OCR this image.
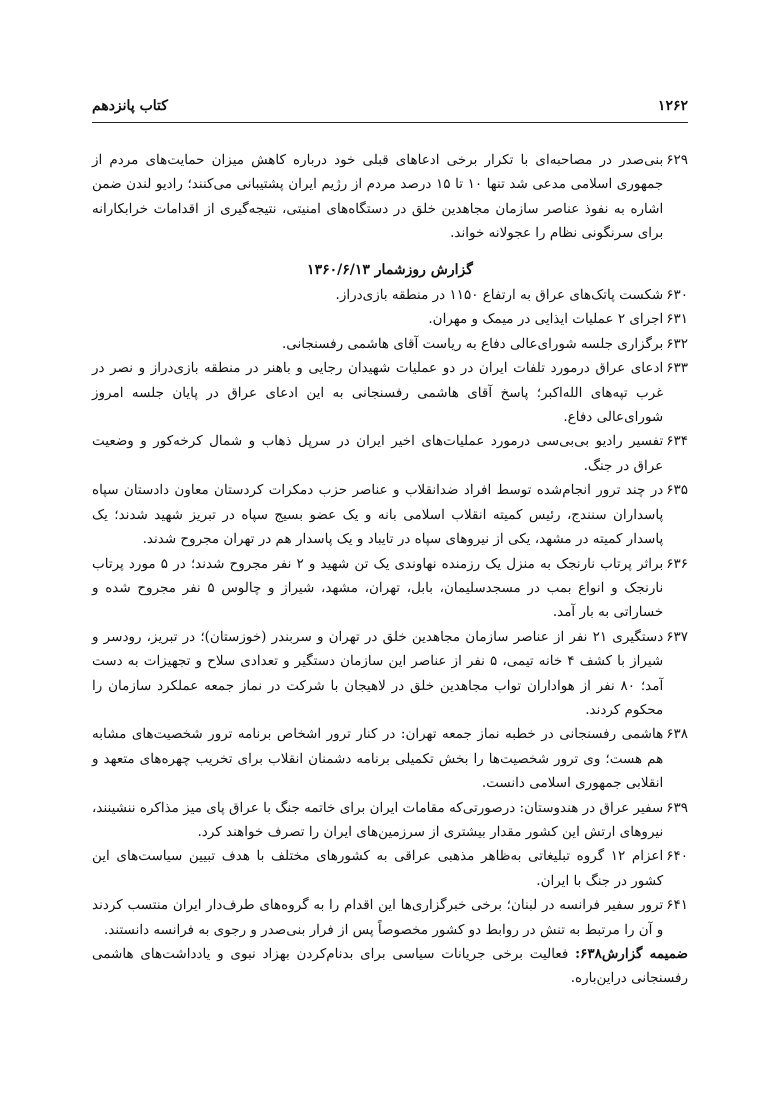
۱۲۶۲
کتاب پانزدهم
۶۲۹
بنی‌صدر در مصاحبه‌ای با تکرار برخی ادعاهای قبلی خود درباره کاهش میزان حمایت‌های مردم از جمهوری اسلامی مدعی شد تنها ۱۰ تا ۱۵ درصد مردم از رژیم ایران پشتیبانی می‌کنند؛ رادیو لندن ضمن اشاره به نفوذ عناصر سازمان مجاهدین خلق در دستگاه‌های امنیتی، نتیجه‌گیری از اقدامات خرابکارانه برای سرنگونی نظام را عجولانه خواند.
گزارش روزشمار ۱۳۶۰/۶/۱۳
۶۳۰
شکست پاتک‌های عراق به ارتفاع ۱۱۵۰ در منطقه بازی‌دراز.
۶۳۱
اجرای ۲ عملیات ایذایی در میمک و مهران.
۶۳۲
برگزاری جلسه شورای‌عالی دفاع به ریاست آقای هاشمی رفسنجانی.
۶۳۳
ادعای عراق درمورد تلفات ایران در دو عملیات شهیدان رجایی و باهنر در منطقه بازی‌دراز و نصر در غرب تپه‌های الله‌اکبر؛ پاسخ آقای هاشمی رفسنجانی به این ادعای عراق در پایان جلسه امروز شورای‌عالی دفاع.
۶۳۴
تفسیر رادیو بی‌بی‌سی درمورد عملیات‌های اخیر ایران در سرپل ذهاب و شمال کرخه‌کور و وضعیت عراق در جنگ.
۶۳۵
در چند ترور انجام‌شده توسط افراد ضدانقلاب و عناصر حزب دمکرات کردستان معاون دادستان سپاه پاسداران سنندج، رئیس کمیته انقلاب اسلامی بانه و یک عضو بسیج سپاه در تبریز شهید شدند؛ یک پاسدار کمیته در مشهد، یکی از نیروهای سپاه در تایباد و یک پاسدار هم در تهران مجروح شدند.
۶۳۶
براثر پرتاب نارنجک به منزل یک رزمنده نهاوندی یک تن شهید و ۲ نفر مجروح شدند؛ در ۵ مورد پرتاب نارنجک و انواع بمب در مسجدسلیمان، بابل، تهران، مشهد، شیراز و چالوس ۵ نفر مجروح شده و خساراتی به بار آمد.
۶۳۷
دستگیری ۲۱ نفر از عناصر سازمان مجاهدین خلق در تهران و سربندر (خوزستان)؛ در تبریز، رودسر و شیراز با کشف ۴ خانه تیمی، ۵ نفر از عناصر این سازمان دستگیر و تعدادی سلاح و تجهیزات به دست آمد؛ ۸۰ نفر از هواداران تواب مجاهدین خلق در لاهیجان با شرکت در نماز جمعه عملکرد سازمان را محکوم کردند.
۶۳۸
هاشمی رفسنجانی در خطبه نماز جمعه تهران: در کنار ترور اشخاص برنامه ترور شخصیت‌های مشابه هم هست؛ وی ترور شخصیت‌ها را بخش تکمیلی برنامه دشمنان انقلاب برای تخریب چهره‌های متعهد و انقلابی جمهوری اسلامی دانست.
۶۳۹
سفیر عراق در هندوستان: درصورتی‌که مقامات ایران برای خاتمه جنگ با عراق پای میز مذاکره ننشینند، نیروهای ارتش این کشور مقدار بیشتری از سرزمین‌های ایران را تصرف خواهند کرد.
۶۴۰
اعزام ۱۲ گروه تبلیغاتی به‌ظاهر مذهبی عراقی به کشورهای مختلف با هدف تبیین سیاست‌های این کشور در جنگ با ایران.
۶۴۱
ترور سفیر فرانسه در لبنان؛ برخی خبرگزاری‌ها این اقدام را به گروه‌های طرف‌دار ایران منتسب کردند و آن را مرتبط به تنش در روابط دو کشور مخصوصاً پس از فرار بنی‌صدر و رجوی به فرانسه دانستند.
ضمیمه گزارش۶۳۸: فعالیت برخی جریانات سیاسی برای بدنام‌کردن بهزاد نبوی و یادداشت‌های هاشمی رفسنجانی دراین‌باره.
